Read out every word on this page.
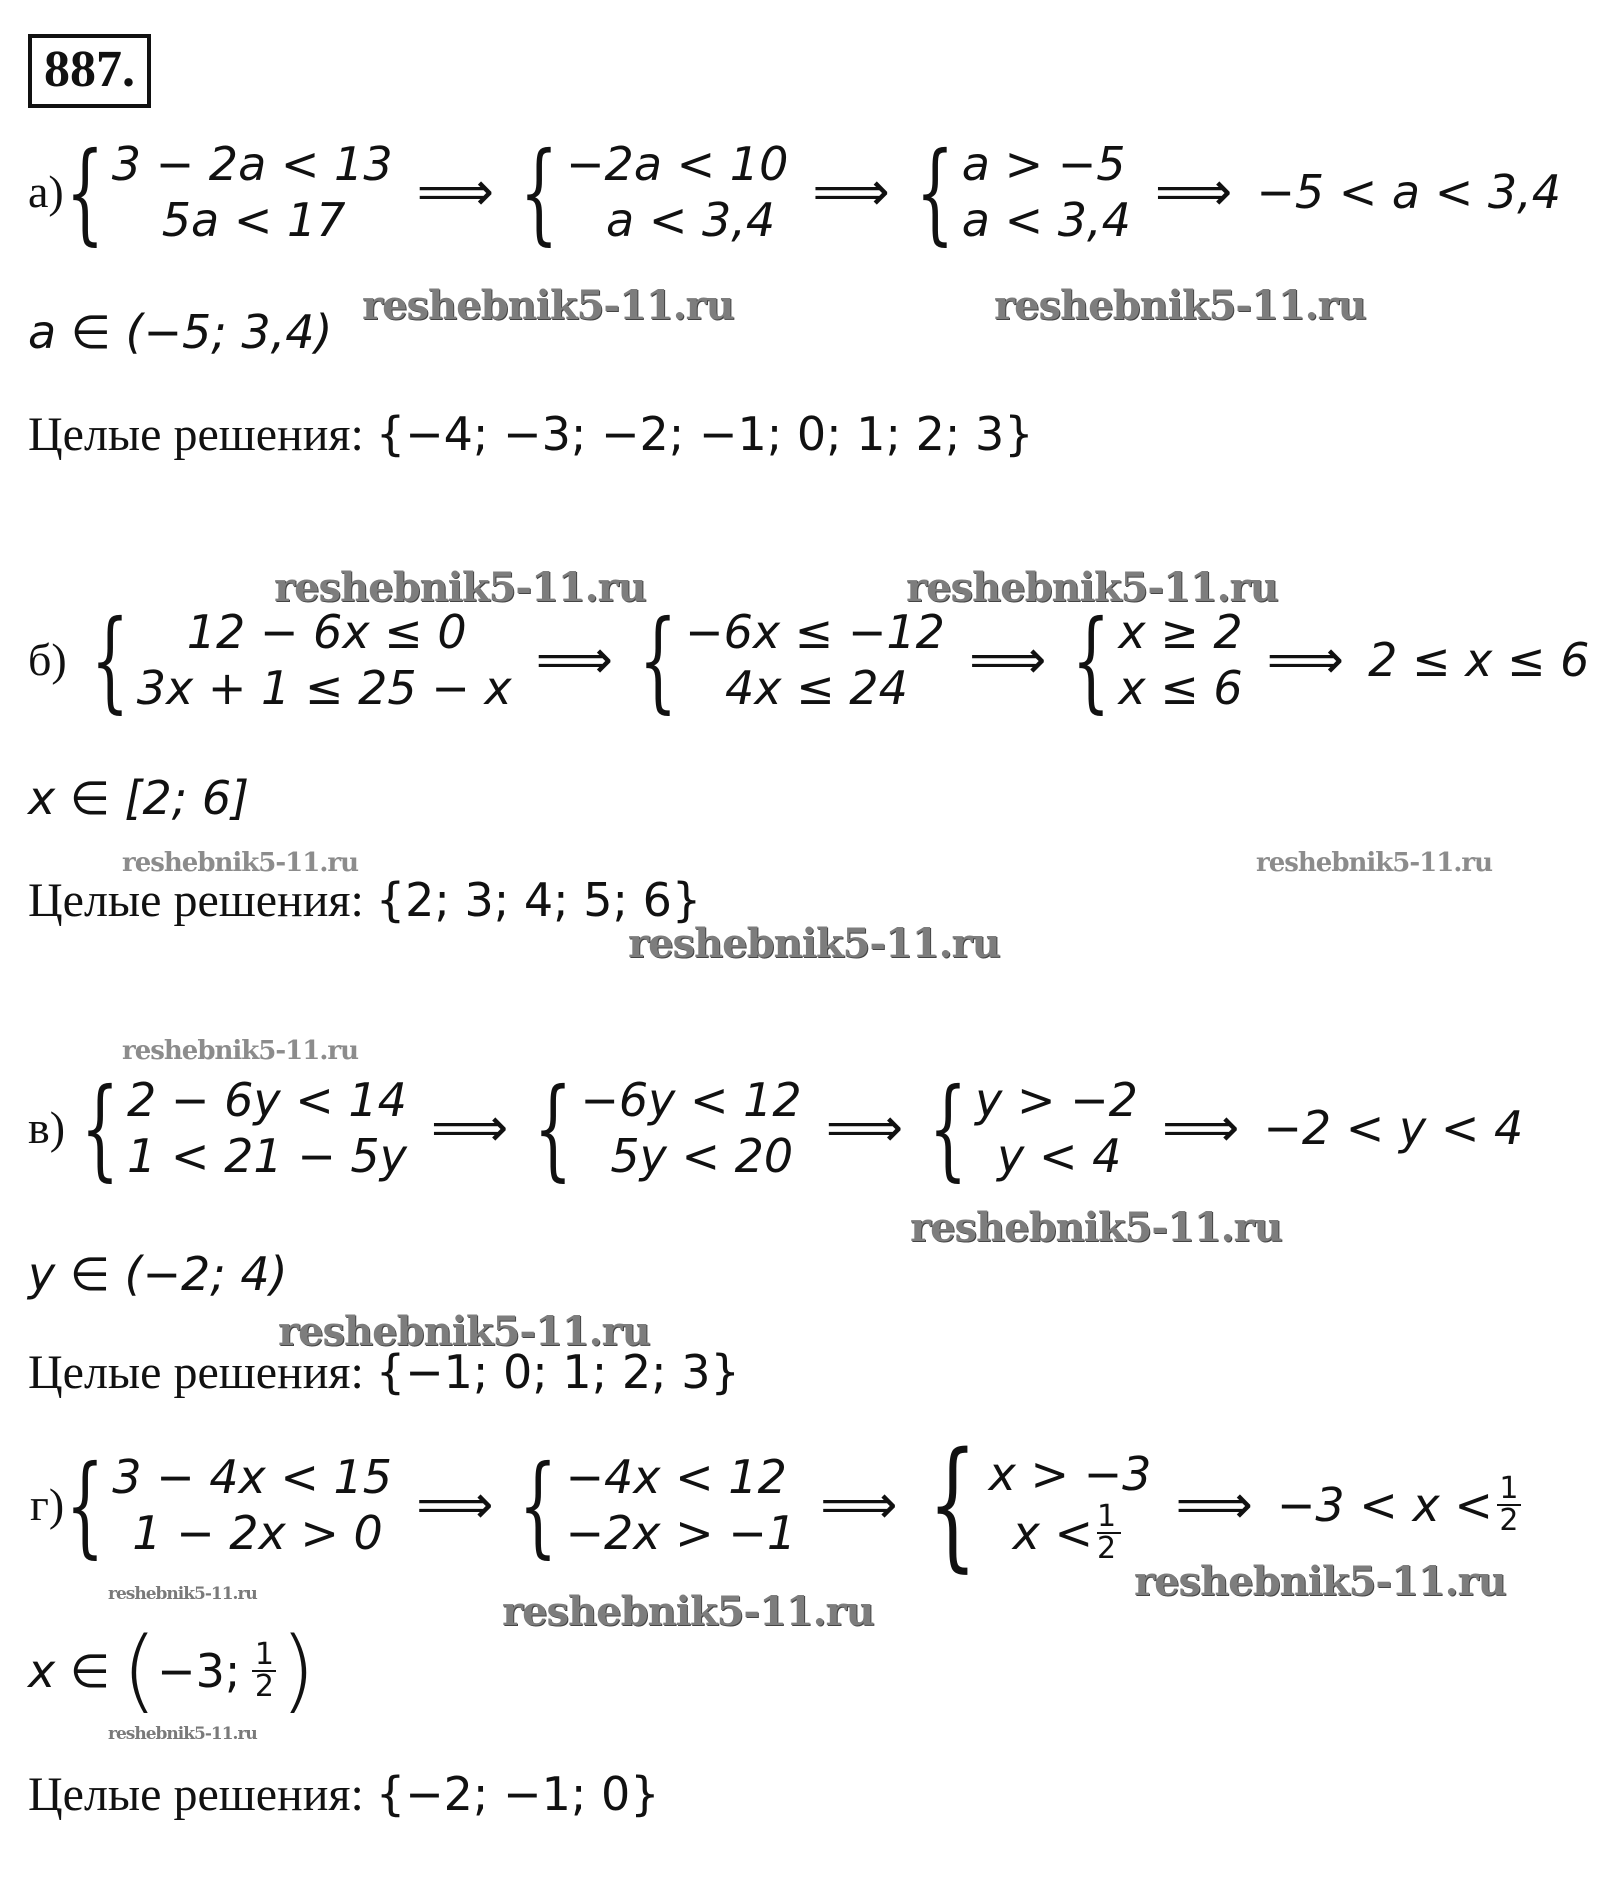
887.
а) { 3 − 2a < 13
5a < 17	⟹ { −2a < 10
a < 3,4 ⟹ { a > −5
a < 3,4 ⟹ −5 < a < 3,4
a ∈ (−5; 3,4)
Целые решения: {−4; −3; −2; −1; 0; 1; 2; 3}
б) {	12 − 6x ≤ 0
3x + 1 ≤ 25 − x ⟹ { −6x ≤ −12
4x ≤ 24	⟹ { x ≥ 2
x ≤ 6 ⟹ 2 ≤ x ≤ 6
x ∈ [2; 6]
Целые решения: {2; 3; 4; 5; 6}
в) { 2 − 6y < 14
1 < 21 − 5y ⟹ { −6y < 12
5y < 20 ⟹ { y > −2
y < 4 ⟹ −2 < y < 4
y ∈ (−2; 4)
Целые решения: {−1; 0; 1; 2; 3}
г) { 3 − 4x < 15
1 − 2x > 0 ⟹ { −4x < 12
−2x > −1 ⟹ { x > −3
$x < \frac{1}{2}$ ⟹ $-3 < x < \frac{1}{2}$
x ∈ ( −3; $\frac{1}{2}$ )
Целые решения: {−2; −1; 0}
reshebnik5-11.ru	reshebnik5-11.ru
reshebnik5-11.ru	reshebnik5-11.ru
reshebnik5-11.ru	reshebnik5-11.ru
reshebnik5-11.ru
reshebnik5-11.ru
reshebnik5-11.ru
reshebnik5-11.ru
reshebnik5-11.ru	reshebnik5-11.ru
reshebnik5-11.ru
reshebnik5-11.ru
